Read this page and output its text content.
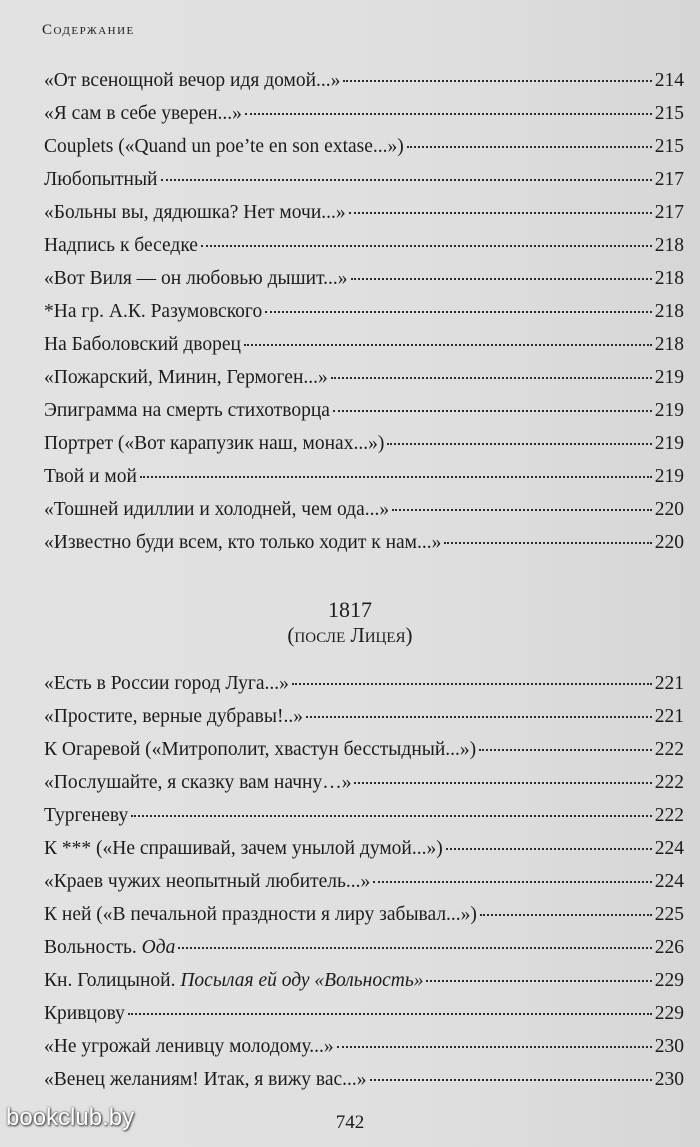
Содержание
«От всенощной вечор идя домой...»	214
«Я сам в себе уверен...»	215
Couplets («Quand un poe’te en son extase...»)	215
Любопытный	217
«Больны вы, дядюшка? Нет мочи...»	217
Надпись к беседке	218
«Вот Виля — он любовью дышит...»	218
*На гр. А.К. Разумовского	218
На Баболовский дворец	218
«Пожарский, Минин, Гермоген...»	219
Эпиграмма на смерть стихотворца	219
Портрет («Вот карапузик наш, монах...»)	219
Твой и мой	219
«Тошней идиллии и холодней, чем ода...»	220
«Известно буди всем, кто только ходит к нам...»	220
1817
(после Лицея)
«Есть в России город Луга...»	221
«Простите, верные дубравы!..»	221
К Огаревой («Митрополит, хвастун бесстыдный...»)	222
«Послушайте, я сказку вам начну…»	222
Тургеневу	222
К *** («Не спрашивай, зачем унылой думой...»)	224
«Краев чужих неопытный любитель...»	224
К ней («В печальной праздности я лиру забывал...»)	225
Вольность. Ода	226
Кн. Голицыной. Посылая ей оду «Вольность»	229
Кривцову	229
«Не угрожай ленивцу молодому...»	230
«Венец желаниям! Итак, я вижу вас...»	230
742
bookclub.by
